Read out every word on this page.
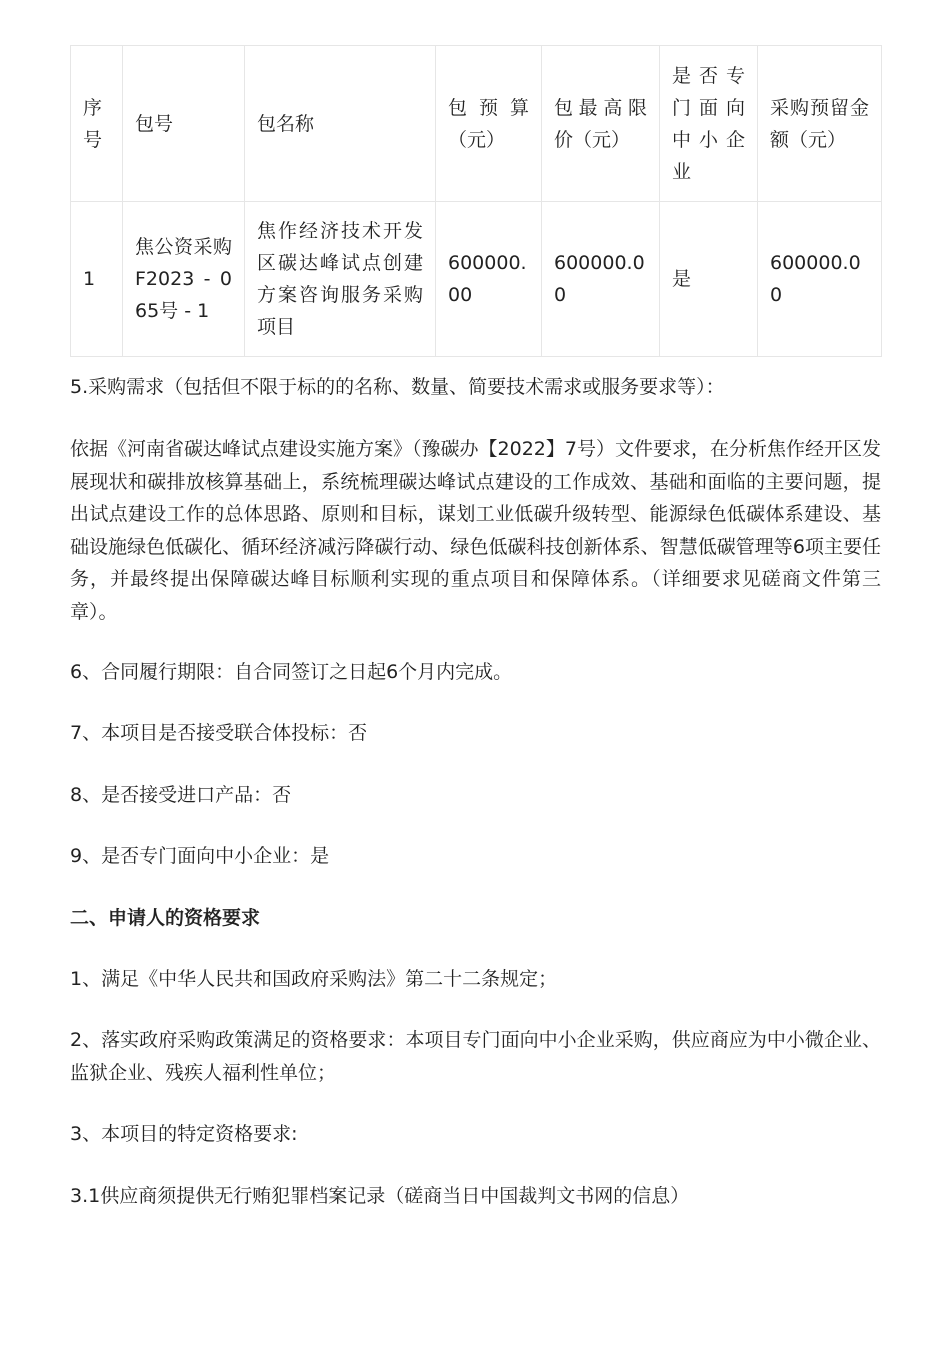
序号	包号	包名称	包预算（元）	包最高限价（元）	是否专门面向中小企业	采购预留金额（元）
1	焦公资采购 F2023 - 065号 - 1	焦作经济技术开发区碳达峰试点创建方案咨询服务采购项目	600000.00	600000.00	是	600000.00

5.采购需求（包括但不限于标的的名称、数量、简要技术需求或服务要求等）：

依据《河南省碳达峰试点建设实施方案》（豫碳办【2022】7号）文件要求，在分析焦作经开区发展现状和碳排放核算基础上，系统梳理碳达峰试点建设的工作成效、基础和面临的主要问题，提出试点建设工作的总体思路、原则和目标，谋划工业低碳升级转型、能源绿色低碳体系建设、基础设施绿色低碳化、循环经济减污降碳行动、绿色低碳科技创新体系、智慧低碳管理等6项主要任务，并最终提出保障碳达峰目标顺利实现的重点项目和保障体系。（详细要求见磋商文件第三章）。

6、合同履行期限：自合同签订之日起6个月内完成。

7、本项目是否接受联合体投标：否

8、是否接受进口产品：否

9、是否专门面向中小企业：是

二、申请人的资格要求

1、满足《中华人民共和国政府采购法》第二十二条规定；

2、落实政府采购政策满足的资格要求：本项目专门面向中小企业采购，供应商应为中小微企业、监狱企业、残疾人福利性单位；

3、本项目的特定资格要求:

3.1供应商须提供无行贿犯罪档案记录（磋商当日中国裁判文书网的信息）
